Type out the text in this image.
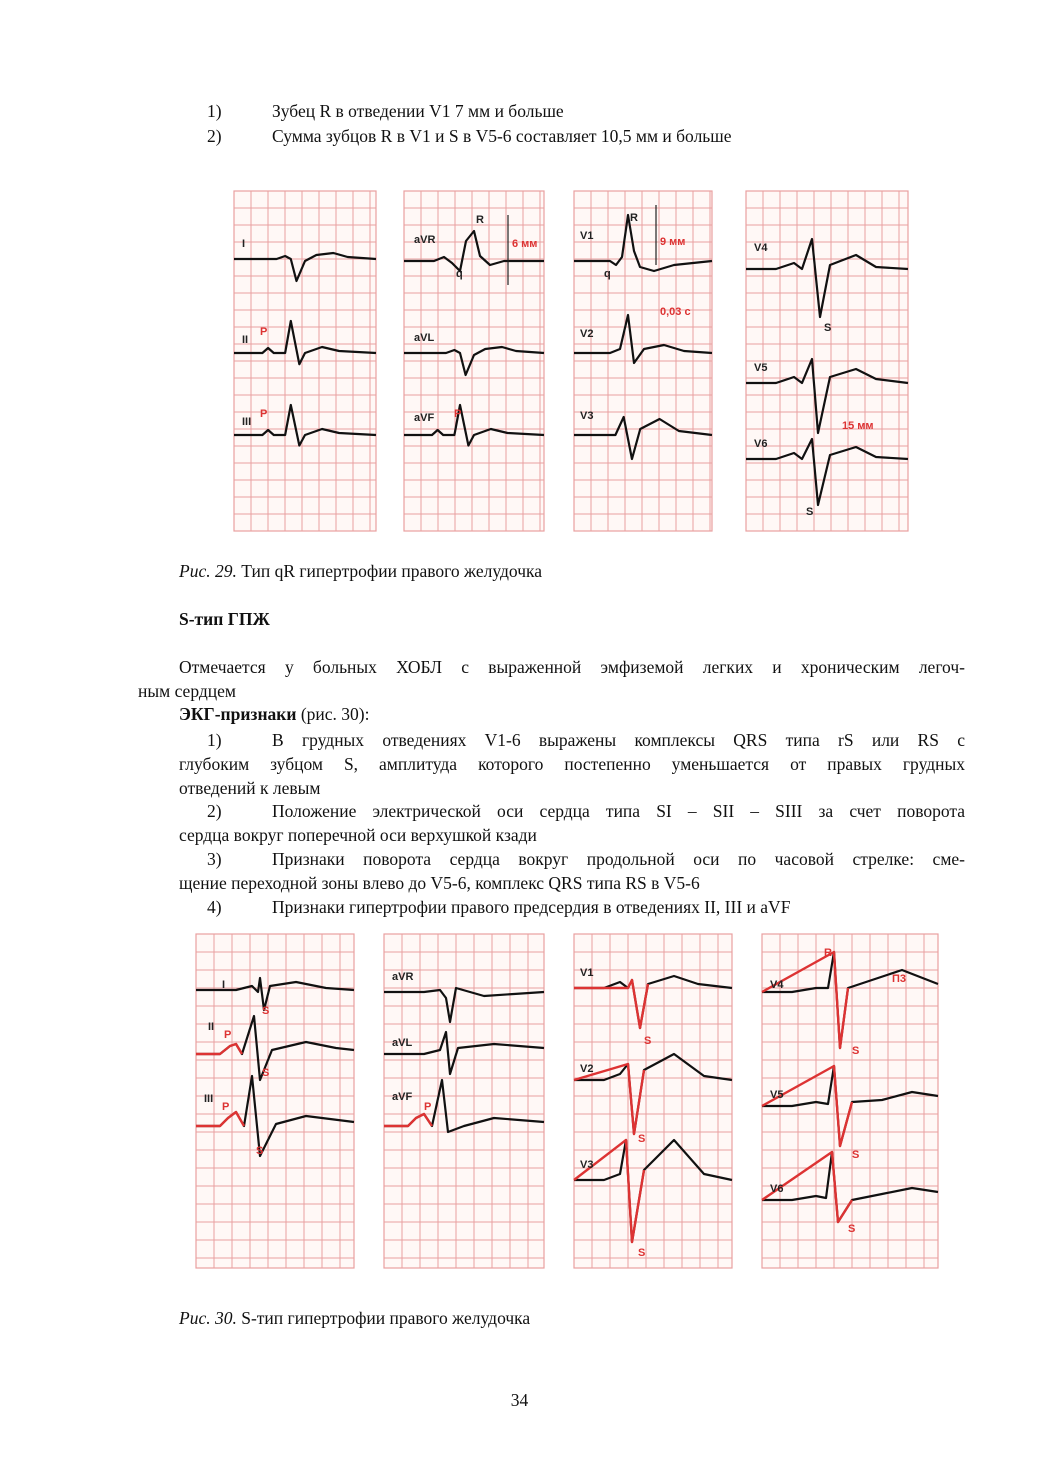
1)	Зубец R в отведении V1 7 мм и больше
2)	Сумма зубцов R в V1 и S в V5-6 составляет 10,5 мм и больше
I
II
III
P
P
aVR
aVL
aVF
R
q
6 мм
P
V1
V2
V3
R
9 мм
q
0,03 с
V4
V5
V6
S
15 мм
S
Рис. 29. Тип qR гипертрофии правого желудочка
S-тип ГПЖ
Отмечается у больных ХОБЛ с выраженной эмфиземой легких и хроническим легоч-
ным сердцем
ЭКГ-признаки (рис. 30):
1)	В грудных отведениях V1-6 выражены комплексы QRS типа rS или RS с
глубоким зубцом S, амплитуда которого постепенно уменьшается от правых грудных
отведений к левым
2)	Положение электрической оси сердца типа SI – SII – SIII за счет поворота
сердца вокруг поперечной оси верхушкой кзади
3)	Признаки поворота сердца вокруг продольной оси по часовой стрелке: сме-
щение переходной зоны влево до V5-6, комплекс QRS типа RS в V5-6
4)	Признаки гипертрофии правого предсердия в отведениях II, III и aVF
I
II
III
S
P
S
P
S
aVR
aVL
aVF
P
V1
V2
V3
S
S
S
V4
V5
V6
R
П3
S
S
S
Рис. 30. S-тип гипертрофии правого желудочка
34
